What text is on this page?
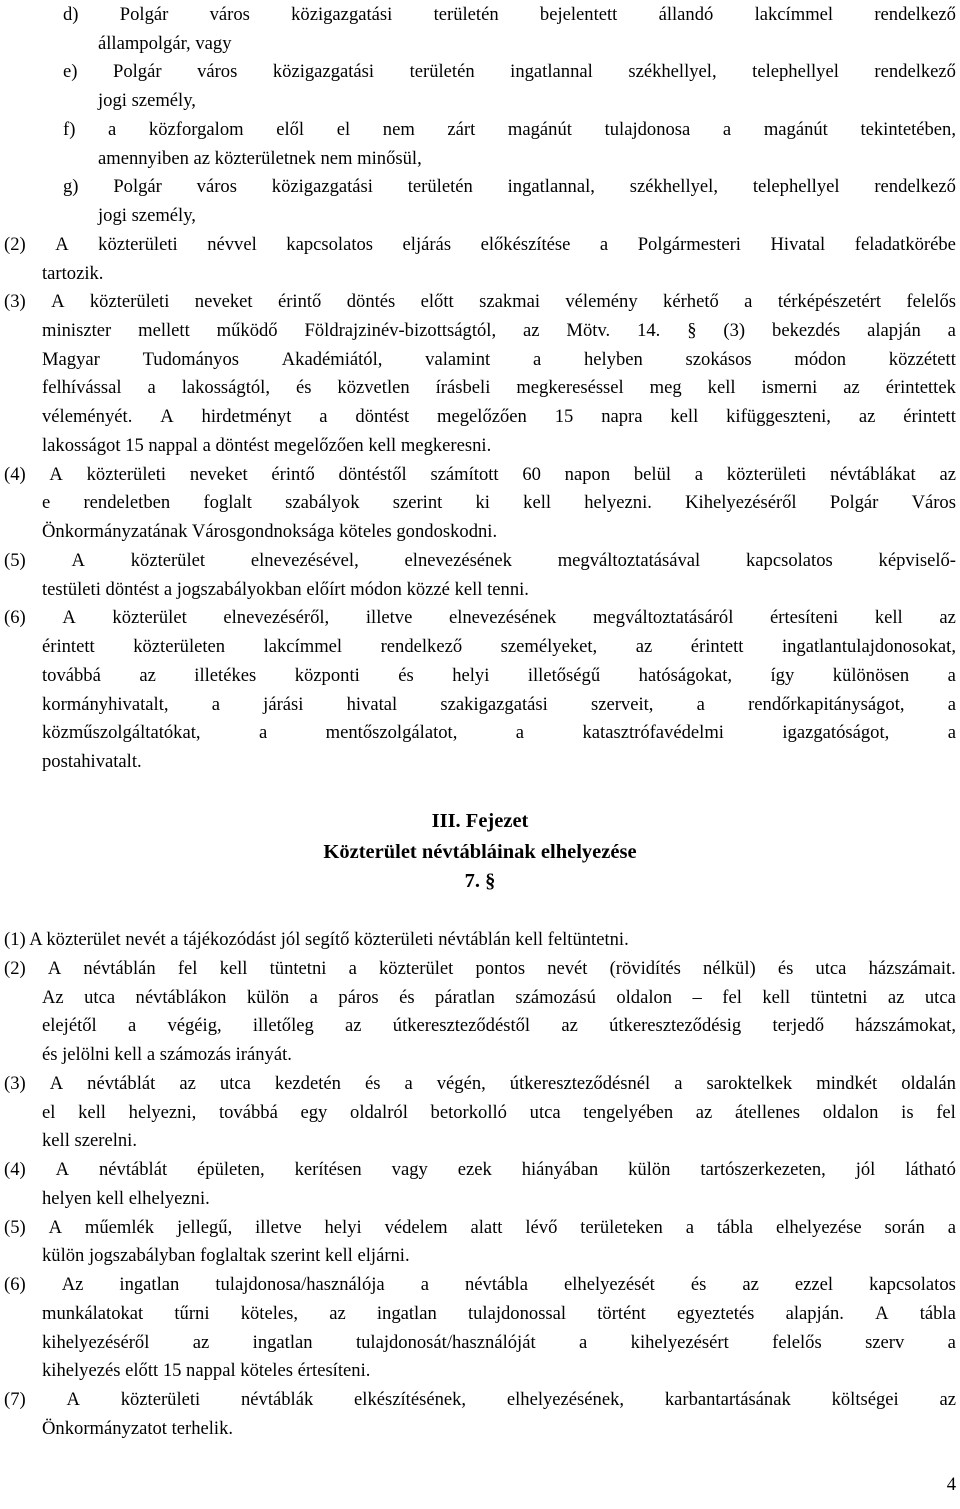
d) Polgár város közigazgatási területén bejelentett állandó lakcímmel rendelkező
állampolgár, vagy
e) Polgár város közigazgatási területén ingatlannal székhellyel, telephellyel rendelkező
jogi személy,
f) a közforgalom elől el nem zárt magánút tulajdonosa a magánút tekintetében,
amennyiben az közterületnek nem minősül,
g) Polgár város közigazgatási területén ingatlannal, székhellyel, telephellyel rendelkező
jogi személy,
(2) A közterületi névvel kapcsolatos eljárás előkészítése a Polgármesteri Hivatal feladatkörébe
tartozik.
(3) A közterületi neveket érintő döntés előtt szakmai vélemény kérhető a térképészetért felelős
miniszter mellett működő Földrajzinév-bizottságtól, az Mötv. 14. § (3) bekezdés alapján a
Magyar Tudományos Akadémiától, valamint a helyben szokásos módon közzétett
felhívással a lakosságtól, és közvetlen írásbeli megkereséssel meg kell ismerni az érintettek
véleményét. A hirdetményt a döntést megelőzően 15 napra kell kifüggeszteni, az érintett
lakosságot 15 nappal a döntést megelőzően kell megkeresni.
(4) A közterületi neveket érintő döntéstől számított 60 napon belül a közterületi névtáblákat az
e rendeletben foglalt szabályok szerint ki kell helyezni. Kihelyezéséről Polgár Város
Önkormányzatának Városgondnoksága köteles gondoskodni.
(5) A közterület elnevezésével, elnevezésének megváltoztatásával kapcsolatos képviselő-
testületi döntést a jogszabályokban előírt módon közzé kell tenni.
(6) A közterület elnevezéséről, illetve elnevezésének megváltoztatásáról értesíteni kell az
érintett közterületen lakcímmel rendelkező személyeket, az érintett ingatlantulajdonosokat,
továbbá az illetékes központi és helyi illetőségű hatóságokat, így különösen a
kormányhivatalt, a járási hivatal szakigazgatási szerveit, a rendőrkapitányságot, a
közműszolgáltatókat,	a	mentőszolgálatot,	a	katasztrófavédelmi	igazgatóságot,	a
postahivatalt.
(1) A közterület nevét a tájékozódást jól segítő közterületi névtáblán kell feltüntetni.
(2) A névtáblán fel kell tüntetni a közterület pontos nevét (rövidítés nélkül) és utca házszámait.
Az utca névtáblákon külön a páros és páratlan számozású oldalon – fel kell tüntetni az utca
elejétől a végéig, illetőleg az útkereszteződéstől az útkereszteződésig terjedő házszámokat,
és jelölni kell a számozás irányát.
(3) A névtáblát az utca kezdetén és a végén, útkereszteződésnél a saroktelkek mindkét oldalán
el kell helyezni, továbbá egy oldalról betorkolló utca tengelyében az átellenes oldalon is fel
kell szerelni.
(4) A névtáblát épületen, kerítésen vagy ezek hiányában külön tartószerkezeten, jól látható
helyen kell elhelyezni.
(5) A műemlék jellegű, illetve helyi védelem alatt lévő területeken a tábla elhelyezése során a
külön jogszabályban foglaltak szerint kell eljárni.
(6) Az ingatlan tulajdonosa/használója a névtábla elhelyezését és az ezzel kapcsolatos
munkálatokat tűrni köteles, az ingatlan tulajdonossal történt egyeztetés alapján. A tábla
kihelyezéséről az ingatlan tulajdonosát/használóját a kihelyezésért felelős szerv a
kihelyezés előtt 15 nappal köteles értesíteni.
(7) A közterületi névtáblák elkészítésének, elhelyezésének, karbantartásának költségei az
Önkormányzatot terhelik.
III. Fejezet
Közterület névtábláinak elhelyezése
7. §
4
